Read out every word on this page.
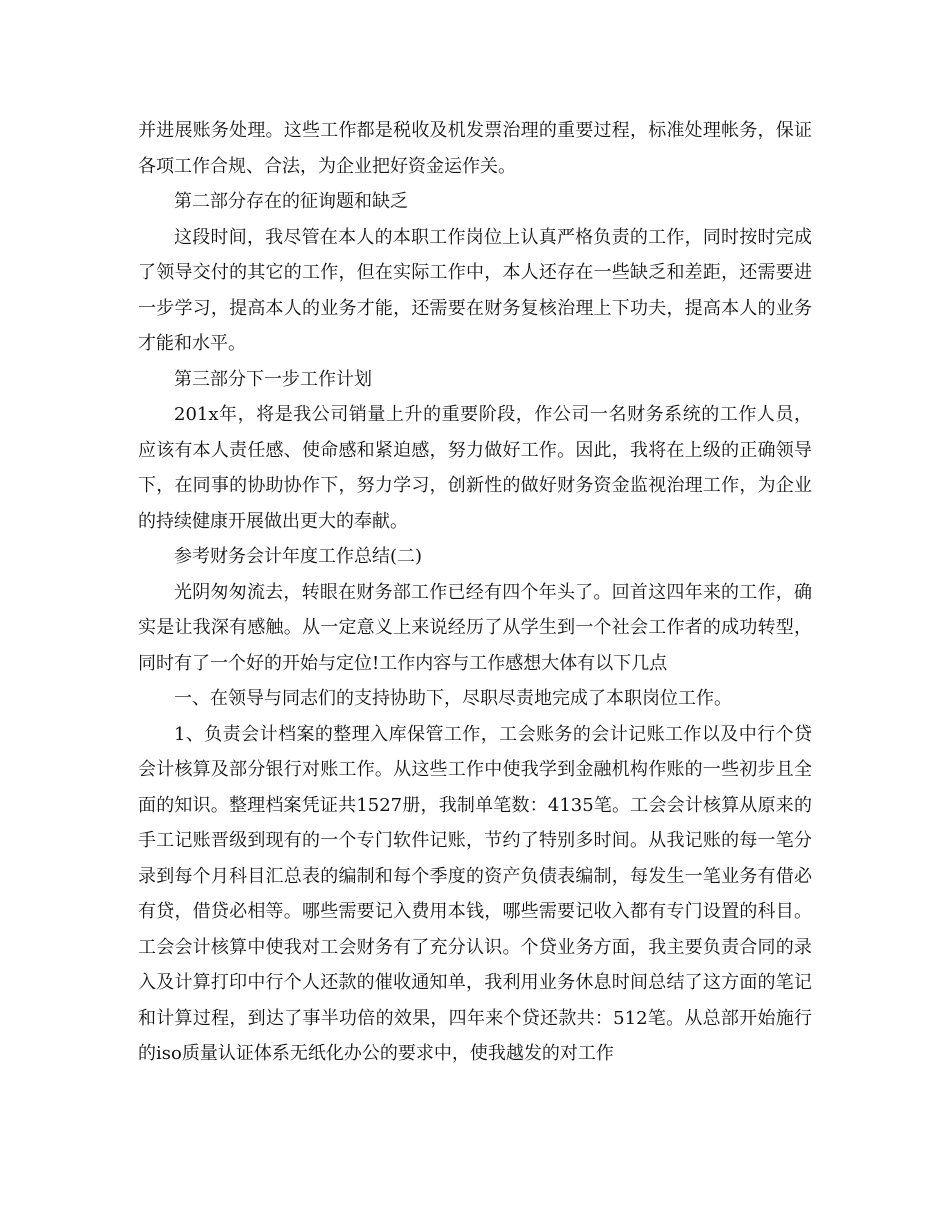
并进展账务处理。这些工作都是税收及机发票治理的重要过程，标准处理帐务，保证各项工作合规、合法，为企业把好资金运作关。

第二部分存在的征询题和缺乏

这段时间，我尽管在本人的本职工作岗位上认真严格负责的工作，同时按时完成了领导交付的其它的工作，但在实际工作中，本人还存在一些缺乏和差距，还需要进一步学习，提高本人的业务才能，还需要在财务复核治理上下功夫，提高本人的业务才能和水平。

第三部分下一步工作计划

201x年，将是我公司销量上升的重要阶段，作公司一名财务系统的工作人员，应该有本人责任感、使命感和紧迫感，努力做好工作。因此，我将在上级的正确领导下，在同事的协助协作下，努力学习，创新性的做好财务资金监视治理工作，为企业的持续健康开展做出更大的奉献。

参考财务会计年度工作总结(二)

光阴匆匆流去，转眼在财务部工作已经有四个年头了。回首这四年来的工作，确实是让我深有感触。从一定意义上来说经历了从学生到一个社会工作者的成功转型，同时有了一个好的开始与定位!工作内容与工作感想大体有以下几点

一、在领导与同志们的支持协助下，尽职尽责地完成了本职岗位工作。

1、负责会计档案的整理入库保管工作，工会账务的会计记账工作以及中行个贷会计核算及部分银行对账工作。从这些工作中使我学到金融机构作账的一些初步且全面的知识。整理档案凭证共1527册，我制单笔数：4135笔。工会会计核算从原来的手工记账晋级到现有的一个专门软件记账，节约了特别多时间。从我记账的每一笔分录到每个月科目汇总表的编制和每个季度的资产负债表编制，每发生一笔业务有借必有贷，借贷必相等。哪些需要记入费用本钱，哪些需要记收入都有专门设置的科目。工会会计核算中使我对工会财务有了充分认识。个贷业务方面，我主要负责合同的录入及计算打印中行个人还款的催收通知单，我利用业务休息时间总结了这方面的笔记和计算过程，到达了事半功倍的效果，四年来个贷还款共：512笔。从总部开始施行的iso质量认证体系无纸化办公的要求中，使我越发的对工作
